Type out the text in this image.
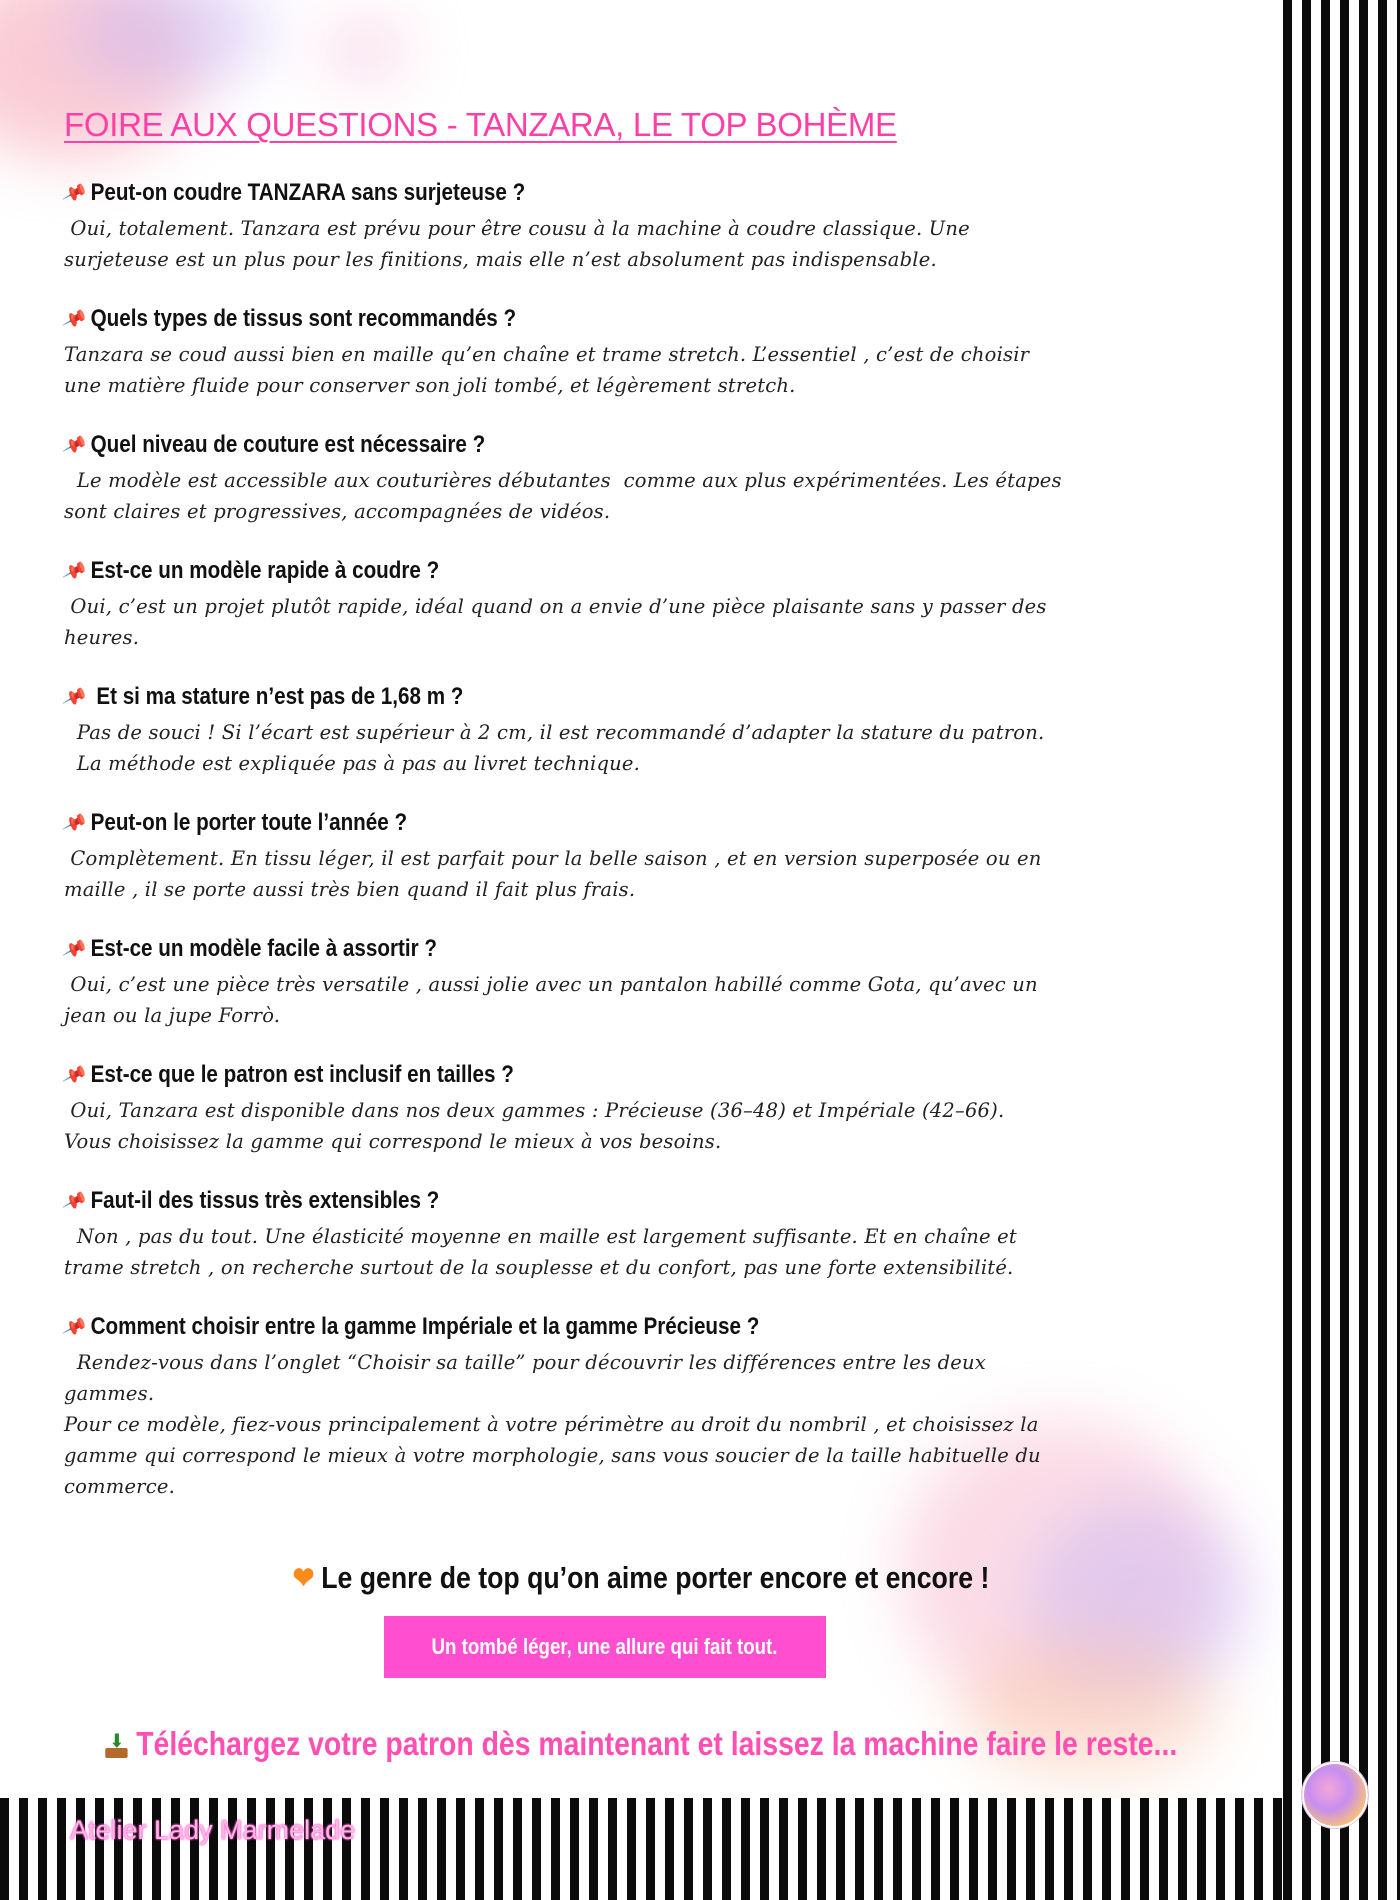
FOIRE AUX QUESTIONS - TANZARA, LE TOP BOHÈME
📌 Peut-on coudre TANZARA sans surjeteuse ?
Oui, totalement. Tanzara est prévu pour être cousu à la machine à coudre classique. Une
surjeteuse est un plus pour les finitions, mais elle n’est absolument pas indispensable.
📌 Quels types de tissus sont recommandés ?
Tanzara se coud aussi bien en maille qu’en chaîne et trame stretch. L’essentiel , c’est de choisir
une matière fluide pour conserver son joli tombé, et légèrement stretch.
📌 Quel niveau de couture est nécessaire ?
Le modèle est accessible aux couturières débutantes  comme aux plus expérimentées. Les étapes
sont claires et progressives, accompagnées de vidéos.
📌 Est-ce un modèle rapide à coudre ?
Oui, c’est un projet plutôt rapide, idéal quand on a envie d’une pièce plaisante sans y passer des
heures.
📌 Et si ma stature n’est pas de 1,68 m ?
Pas de souci ! Si l’écart est supérieur à 2 cm, il est recommandé d’adapter la stature du patron.
La méthode est expliquée pas à pas au livret technique.
📌 Peut-on le porter toute l’année ?
Complètement. En tissu léger, il est parfait pour la belle saison , et en version superposée ou en
maille , il se porte aussi très bien quand il fait plus frais.
📌 Est-ce un modèle facile à assortir ?
Oui, c’est une pièce très versatile , aussi jolie avec un pantalon habillé comme Gota, qu’avec un
jean ou la jupe Forrò.
📌 Est-ce que le patron est inclusif en tailles ?
Oui, Tanzara est disponible dans nos deux gammes : Précieuse (36–48) et Impériale (42–66).
Vous choisissez la gamme qui correspond le mieux à vos besoins.
📌 Faut-il des tissus très extensibles ?
Non , pas du tout. Une élasticité moyenne en maille est largement suffisante. Et en chaîne et
trame stretch , on recherche surtout de la souplesse et du confort, pas une forte extensibilité.
📌 Comment choisir entre la gamme Impériale et la gamme Précieuse ?
Rendez-vous dans l’onglet “Choisir sa taille” pour découvrir les différences entre les deux
gammes.
Pour ce modèle, fiez-vous principalement à votre périmètre au droit du nombril , et choisissez la
gamme qui correspond le mieux à votre morphologie, sans vous soucier de la taille habituelle du
commerce.
❤ Le genre de top qu’on aime porter encore et encore !
Un tombé léger, une allure qui fait tout.
⬇ Téléchargez votre patron dès maintenant et laissez la machine faire le reste...
Atelier Lady Marmelade
